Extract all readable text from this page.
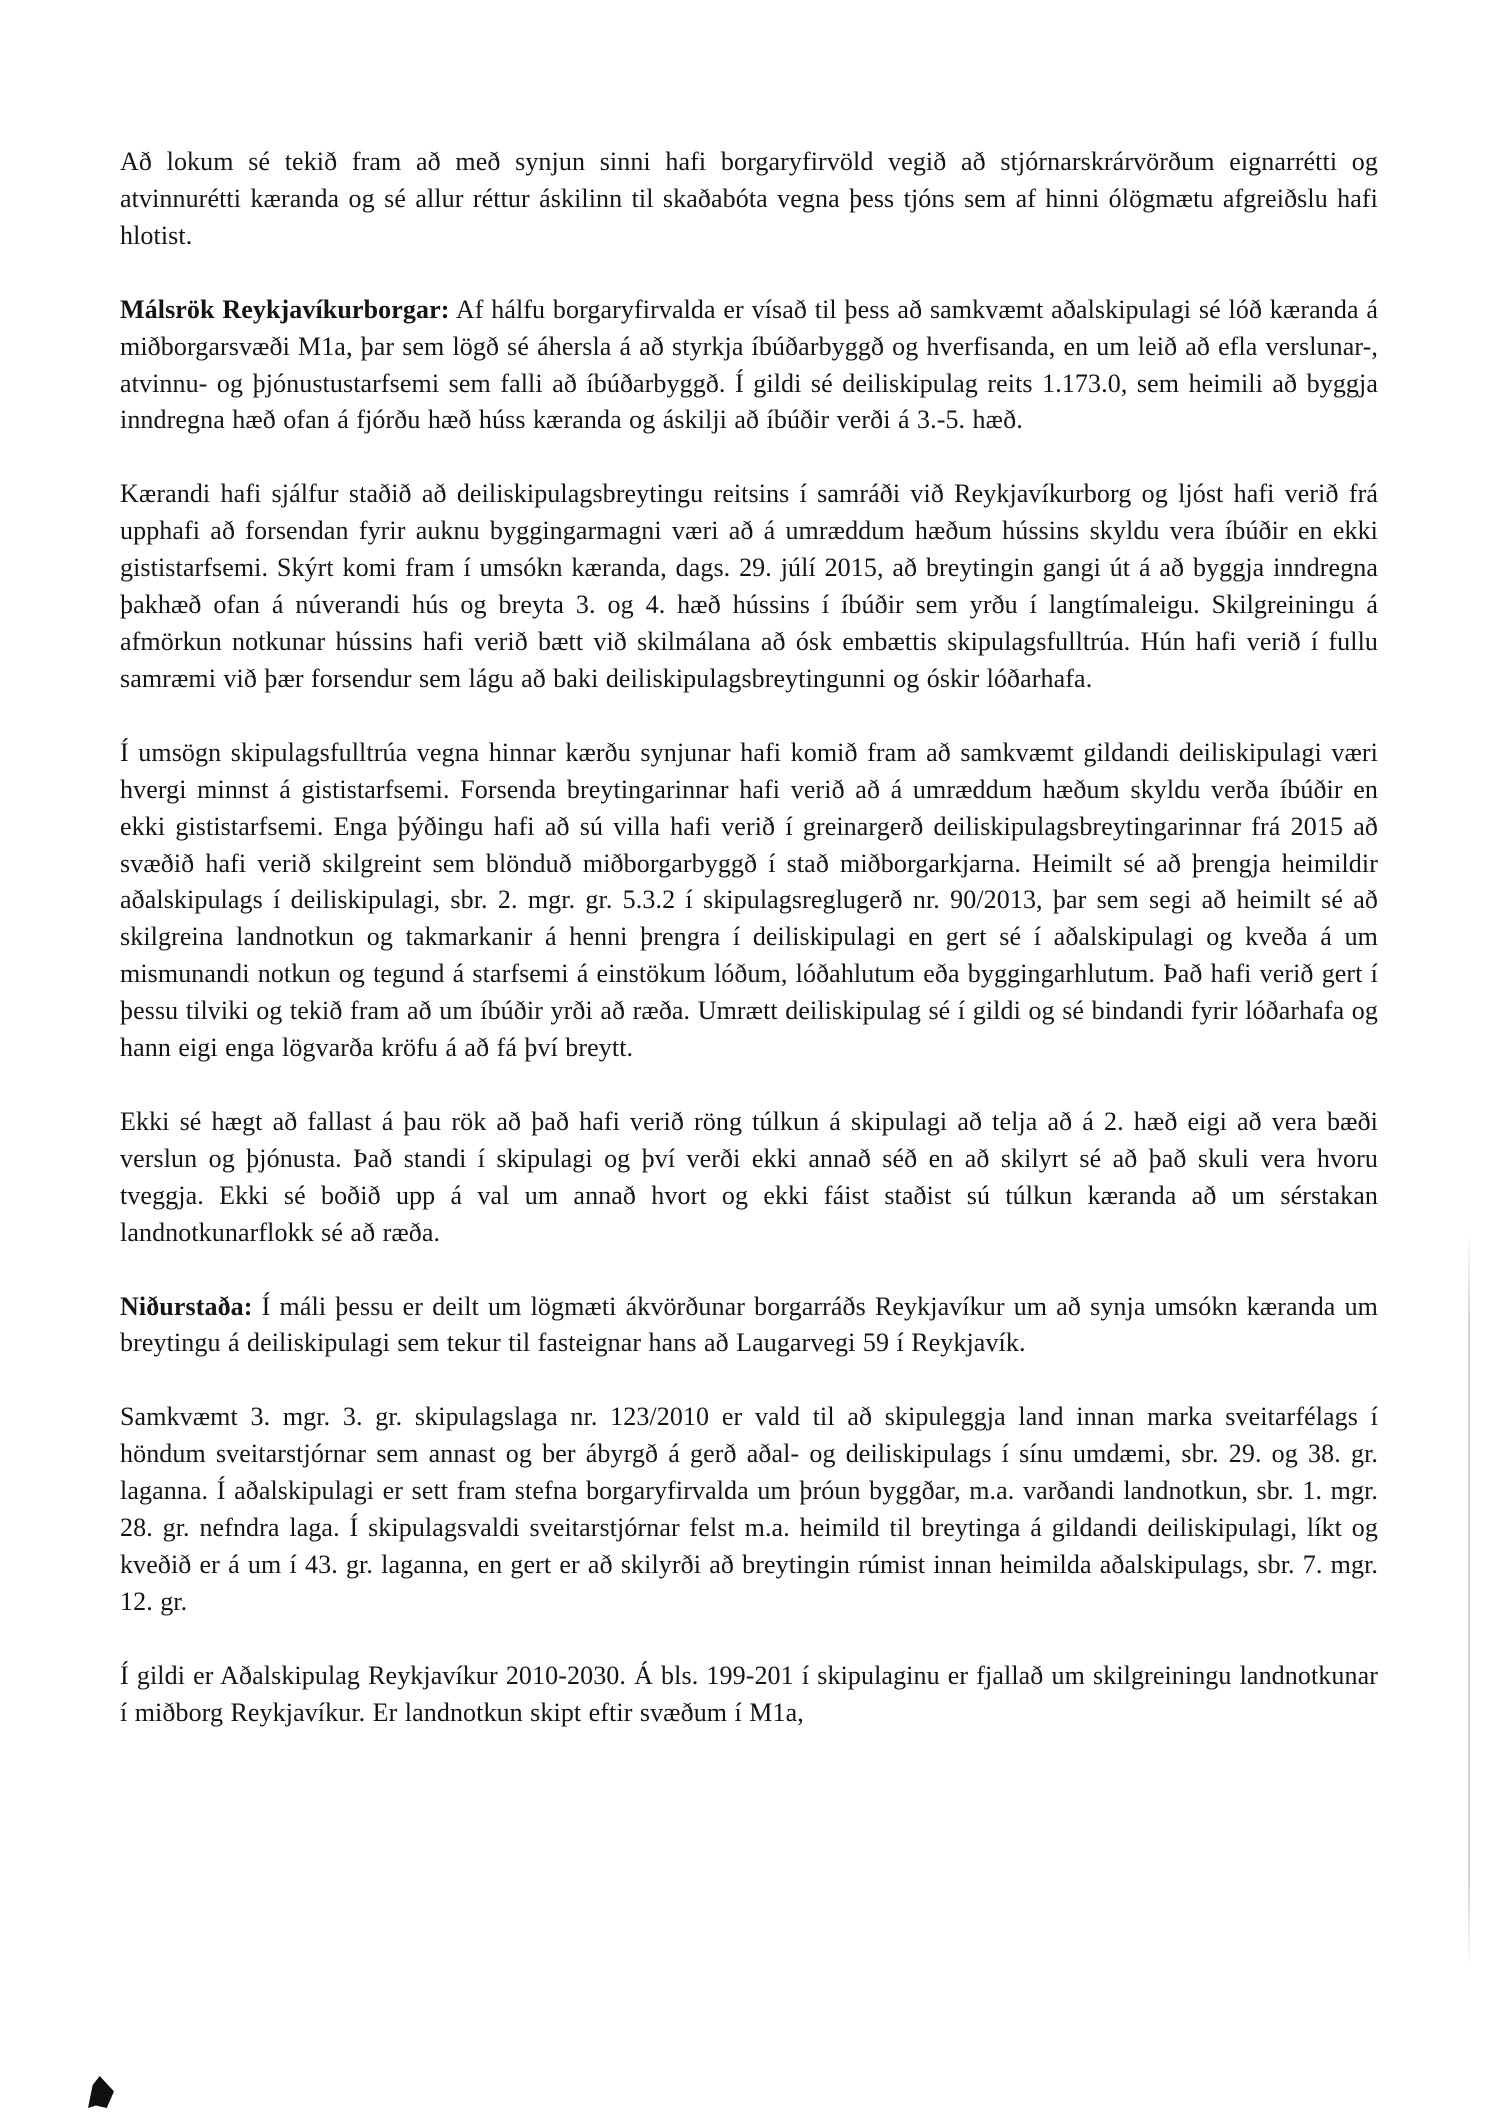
Að lokum sé tekið fram að með synjun sinni hafi borgaryfirvöld vegið að stjórnarskrárvörðum eignarrétti og atvinnurétti kæranda og sé allur réttur áskilinn til skaðabóta vegna þess tjóns sem af hinni ólögmætu afgreiðslu hafi hlotist.

Málsrök Reykjavíkurborgar: Af hálfu borgaryfirvalda er vísað til þess að samkvæmt aðalskipulagi sé lóð kæranda á miðborgarsvæði M1a, þar sem lögð sé áhersla á að styrkja íbúðarbyggð og hverfisanda, en um leið að efla verslunar-, atvinnu- og þjónustustarfsemi sem falli að íbúðarbyggð. Í gildi sé deiliskipulag reits 1.173.0, sem heimili að byggja inndregna hæð ofan á fjórðu hæð húss kæranda og áskilji að íbúðir verði á 3.-5. hæð.

Kærandi hafi sjálfur staðið að deiliskipulagsbreytingu reitsins í samráði við Reykjavíkurborg og ljóst hafi verið frá upphafi að forsendan fyrir auknu byggingarmagni væri að á umræddum hæðum hússins skyldu vera íbúðir en ekki gististarfsemi. Skýrt komi fram í umsókn kæranda, dags. 29. júlí 2015, að breytingin gangi út á að byggja inndregna þakhæð ofan á núverandi hús og breyta 3. og 4. hæð hússins í íbúðir sem yrðu í langtímaleigu. Skilgreiningu á afmörkun notkunar hússins hafi verið bætt við skilmálana að ósk embættis skipulagsfulltrúa. Hún hafi verið í fullu samræmi við þær forsendur sem lágu að baki deiliskipulagsbreytingunni og óskir lóðarhafa.

Í umsögn skipulagsfulltrúa vegna hinnar kærðu synjunar hafi komið fram að samkvæmt gildandi deiliskipulagi væri hvergi minnst á gististarfsemi. Forsenda breytingarinnar hafi verið að á umræddum hæðum skyldu verða íbúðir en ekki gististarfsemi. Enga þýðingu hafi að sú villa hafi verið í greinargerð deiliskipulagsbreytingarinnar frá 2015 að svæðið hafi verið skilgreint sem blönduð miðborgarbyggð í stað miðborgarkjarna. Heimilt sé að þrengja heimildir aðalskipulags í deiliskipulagi, sbr. 2. mgr. gr. 5.3.2 í skipulagsreglugerð nr. 90/2013, þar sem segi að heimilt sé að skilgreina landnotkun og takmarkanir á henni þrengra í deiliskipulagi en gert sé í aðalskipulagi og kveða á um mismunandi notkun og tegund á starfsemi á einstökum lóðum, lóðahlutum eða byggingarhlutum. Það hafi verið gert í þessu tilviki og tekið fram að um íbúðir yrði að ræða. Umrætt deiliskipulag sé í gildi og sé bindandi fyrir lóðarhafa og hann eigi enga lögvarða kröfu á að fá því breytt.

Ekki sé hægt að fallast á þau rök að það hafi verið röng túlkun á skipulagi að telja að á 2. hæð eigi að vera bæði verslun og þjónusta. Það standi í skipulagi og því verði ekki annað séð en að skilyrt sé að það skuli vera hvoru tveggja. Ekki sé boðið upp á val um annað hvort og ekki fáist staðist sú túlkun kæranda að um sérstakan landnotkunarflokk sé að ræða.

Niðurstaða: Í máli þessu er deilt um lögmæti ákvörðunar borgarráðs Reykjavíkur um að synja umsókn kæranda um breytingu á deiliskipulagi sem tekur til fasteignar hans að Laugarvegi 59 í Reykjavík.

Samkvæmt 3. mgr. 3. gr. skipulagslaga nr. 123/2010 er vald til að skipuleggja land innan marka sveitarfélags í höndum sveitarstjórnar sem annast og ber ábyrgð á gerð aðal- og deiliskipulags í sínu umdæmi, sbr. 29. og 38. gr. laganna. Í aðalskipulagi er sett fram stefna borgaryfirvalda um þróun byggðar, m.a. varðandi landnotkun, sbr. 1. mgr. 28. gr. nefndra laga. Í skipulagsvaldi sveitarstjórnar felst m.a. heimild til breytinga á gildandi deiliskipulagi, líkt og kveðið er á um í 43. gr. laganna, en gert er að skilyrði að breytingin rúmist innan heimilda aðalskipulags, sbr. 7. mgr. 12. gr.

Í gildi er Aðalskipulag Reykjavíkur 2010-2030. Á bls. 199-201 í skipulaginu er fjallað um skilgreiningu landnotkunar í miðborg Reykjavíkur. Er landnotkun skipt eftir svæðum í M1a,
